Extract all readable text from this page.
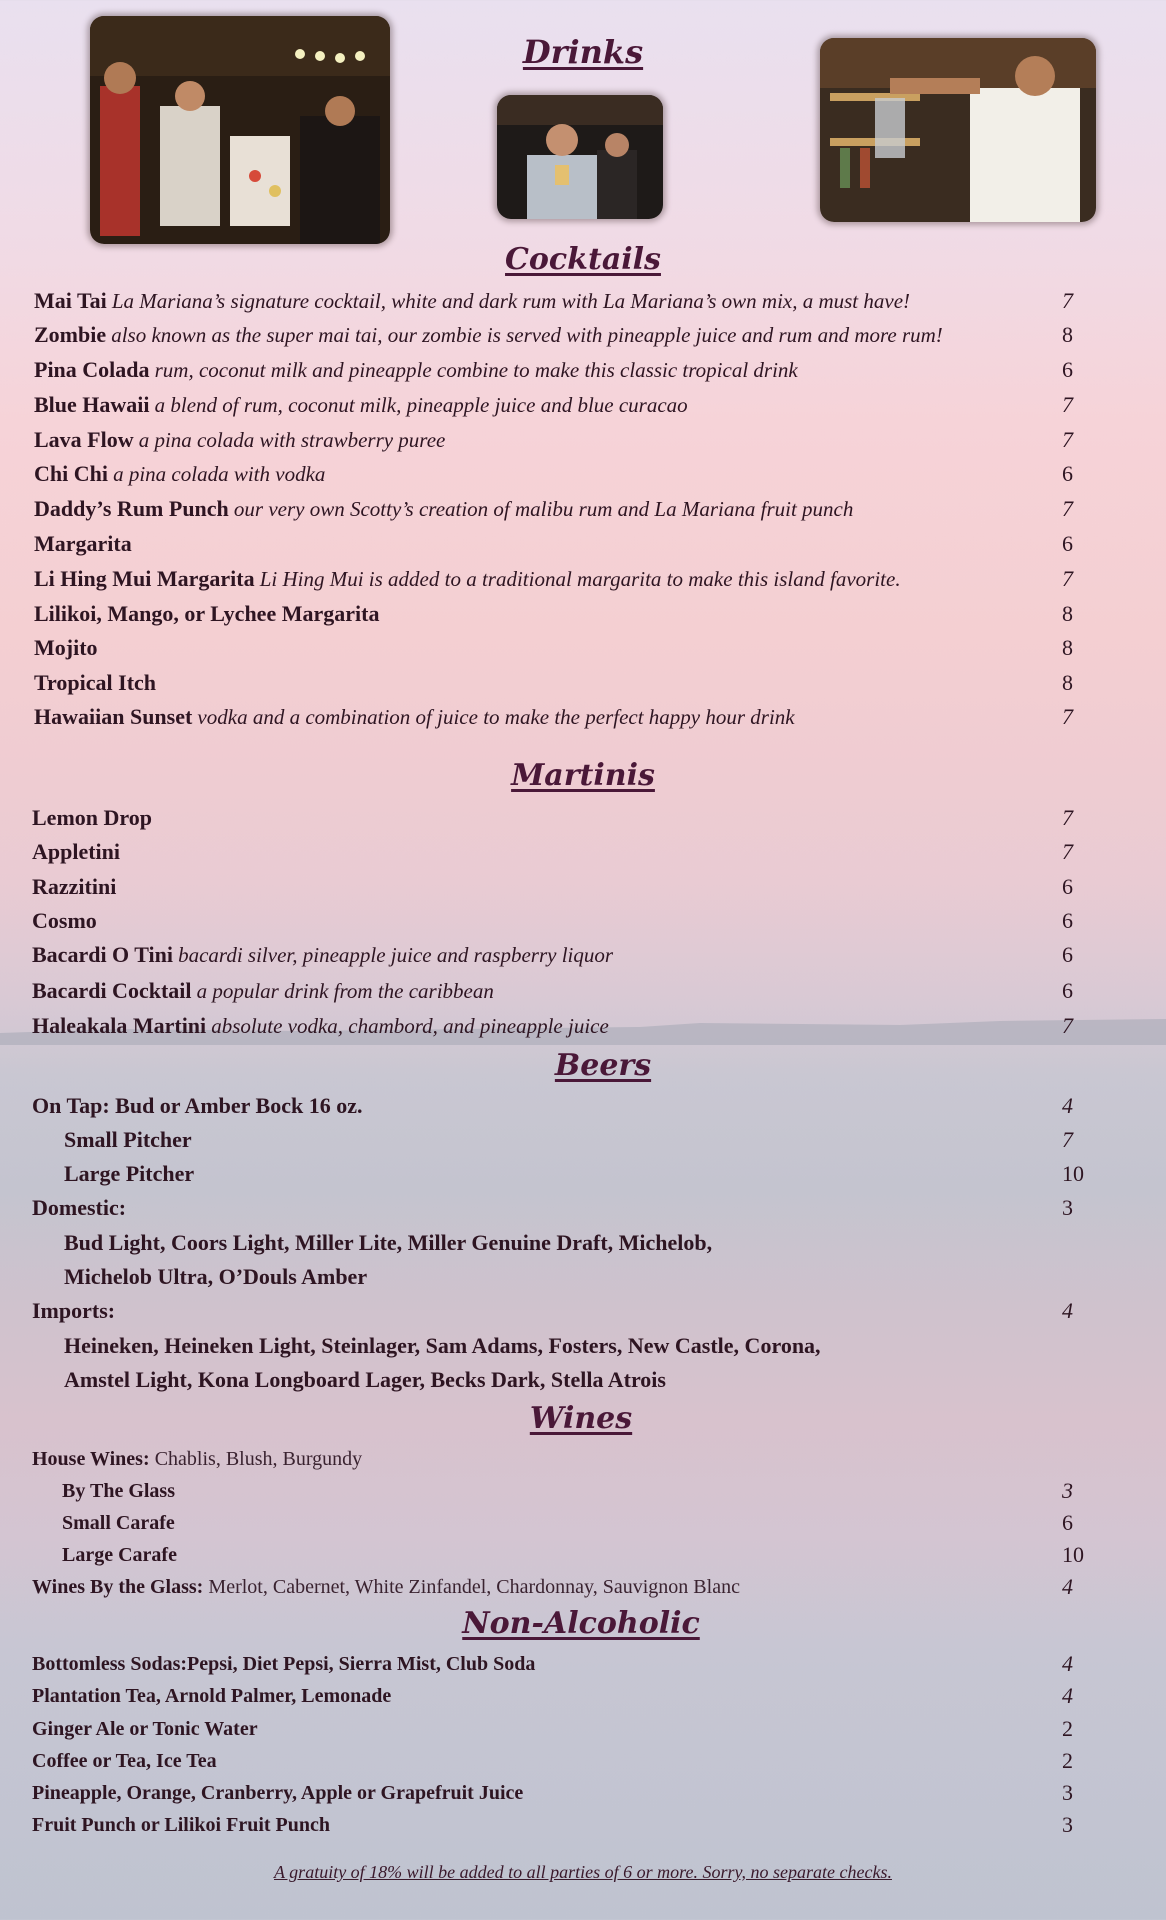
Drinks
Cocktails
Mai Tai La Mariana’s signature cocktail, white and dark rum with La Mariana’s own mix, a must have!	7
Zombie also known as the super mai tai, our zombie is served with pineapple juice and rum and more rum!	8
Pina Colada rum, coconut milk and pineapple combine to make this classic tropical drink	6
Blue Hawaii a blend of rum, coconut milk, pineapple juice and blue curacao	7
Lava Flow a pina colada with strawberry puree	7
Chi Chi a pina colada with vodka	6
Daddy’s Rum Punch our very own Scotty’s creation of malibu rum and La Mariana fruit punch	7
Margarita	6
Li Hing Mui Margarita Li Hing Mui is added to a traditional margarita to make this island favorite.	7
Lilikoi, Mango, or Lychee Margarita	8
Mojito	8
Tropical Itch	8
Hawaiian Sunset vodka and a combination of juice to make the perfect happy hour drink	7
Martinis
Lemon Drop	7
Appletini	7
Razzitini	6
Cosmo	6
Bacardi O Tini bacardi silver, pineapple juice and raspberry liquor	6
Bacardi Cocktail a popular drink from the caribbean	6
Haleakala Martini absolute vodka, chambord, and pineapple juice	7
Beers
On Tap: Bud or Amber Bock 16 oz.	4
Small Pitcher	7
Large Pitcher	10
Domestic:	3
Bud Light, Coors Light, Miller Lite, Miller Genuine Draft, Michelob,
Michelob Ultra, O’Douls Amber
Imports:	4
Heineken, Heineken Light, Steinlager, Sam Adams, Fosters, New Castle, Corona,
Amstel Light, Kona Longboard Lager, Becks Dark, Stella Atrois
Wines
House Wines: Chablis, Blush, Burgundy
By The Glass	3
Small Carafe	6
Large Carafe	10
Wines By the Glass: Merlot, Cabernet, White Zinfandel, Chardonnay, Sauvignon Blanc	4
Non-Alcoholic
Bottomless Sodas:Pepsi, Diet Pepsi, Sierra Mist, Club Soda	4
Plantation Tea, Arnold Palmer, Lemonade	4
Ginger Ale or Tonic Water	2
Coffee or Tea, Ice Tea	2
Pineapple, Orange, Cranberry, Apple or Grapefruit Juice	3
Fruit Punch or Lilikoi Fruit Punch	3
A gratuity of 18% will be added to all parties of 6 or more. Sorry, no separate checks.
